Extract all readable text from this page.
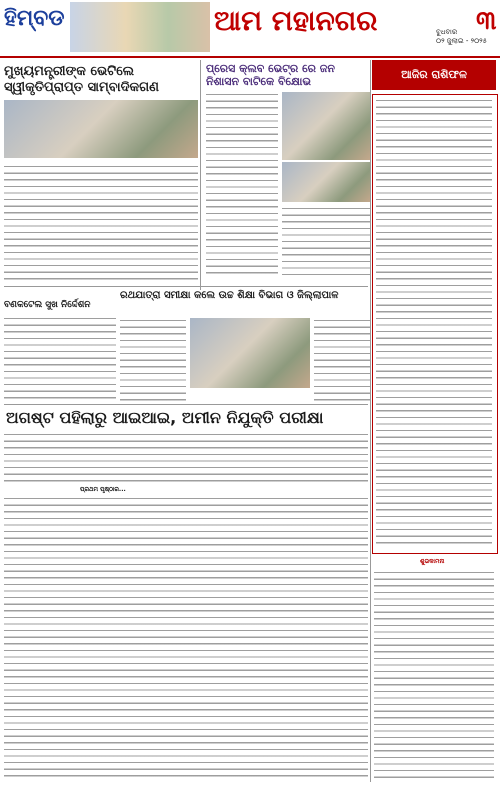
ହିମ୍ବଡ	ଆମ ମହାନଗର	ବୁଧବାର
୦୨ ଜୁଲାଇ - ୨୦୨୫
୩
ମୁଖ୍ୟମନ୍ତ୍ରୀଙ୍କ ଭେଟିଲେ ସ୍ୱୀକୃତିପ୍ରାପ୍ତ ସାମ୍ବାଦିକଗଣ
ପ୍ରେସ କ୍ଲବ ଭେଟ୍ର ରେ ଜନ ନିଶାସନ ବାଟିକେ ବିକ୍ଷୋଭ
ରଥଯାତ୍ରା ସମୀକ୍ଷା କଲେ ଉଚ୍ଚ ଶିକ୍ଷା ବିଭାଗ ଓ ଜିଲ୍ଲାପାଳ
ବଣକଟେଲ ସୁଖ ନିର୍ଦ୍ଦେଶନ
ଅଗଷ୍ଟ ପହିଲାରୁ ଆଇଆଇ, ଅମୀନ ନିଯୁକ୍ତି ପରୀକ୍ଷା
ପ୍ରଥମ ପୃଷ୍ଠାର...
ଆଜିର ରାଶିଫଳ
ଶୁଭକାମନା
